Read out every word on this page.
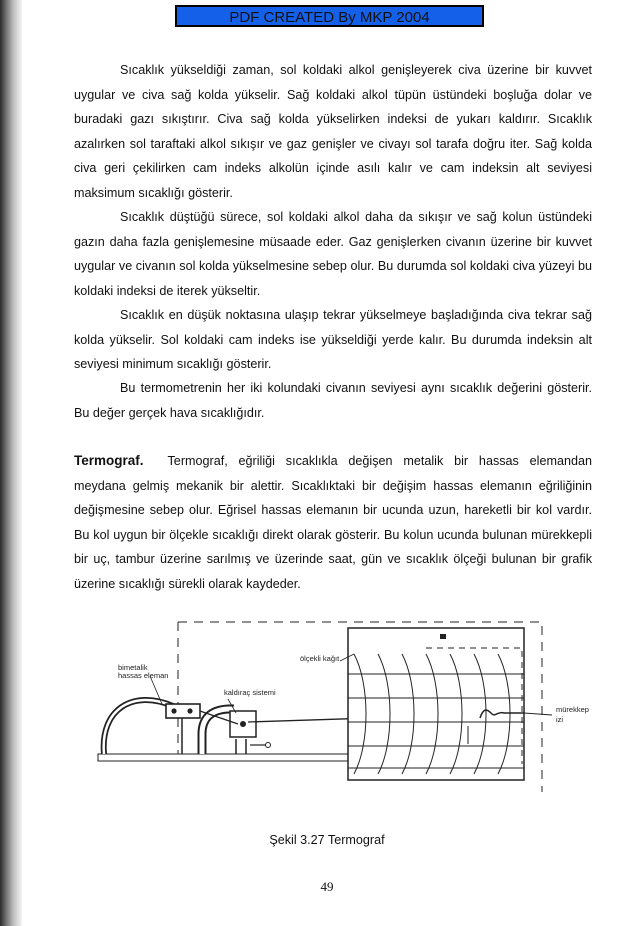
PDF CREATED By MKP 2004

Sıcaklık yükseldiği zaman, sol koldaki alkol genişleyerek civa üzerine bir kuvvet uygular ve civa sağ kolda yükselir. Sağ koldaki alkol tüpün üstündeki boşluğa dolar ve buradaki gazı sıkıştırır. Civa sağ kolda yükselirken indeksi de yukarı kaldırır. Sıcaklık azalırken sol taraftaki alkol sıkışır ve gaz genişler ve civayı sol tarafa doğru iter. Sağ kolda civa geri çekilirken cam indeks alkolün içinde asılı kalır ve cam indeksin alt seviyesi maksimum sıcaklığı gösterir.

Sıcaklık düştüğü sürece, sol koldaki alkol daha da sıkışır ve sağ kolun üstündeki gazın daha fazla genişlemesine müsaade eder. Gaz genişlerken civanın üzerine bir kuvvet uygular ve civanın sol kolda yükselmesine sebep olur. Bu durumda sol koldaki civa yüzeyi bu koldaki indeksi de iterek yükseltir.

Sıcaklık en düşük noktasına ulaşıp tekrar yükselmeye başladığında civa tekrar sağ kolda yükselir. Sol koldaki cam indeks ise yükseldiği yerde kalır. Bu durumda indeksin alt seviyesi minimum sıcaklığı gösterir.

Bu termometrenin her iki kolundaki civanın seviyesi aynı sıcaklık değerini gösterir. Bu değer gerçek hava sıcaklığıdır.

Termograf. Termograf, eğriliği sıcaklıkla değişen metalik bir hassas elemandan meydana gelmiş mekanik bir alettir. Sıcaklıktaki bir değişim hassas elemanın eğriliğinin değişmesine sebep olur. Eğrisel hassas elemanın bir ucunda uzun, hareketli bir kol vardır. Bu kol uygun bir ölçekle sıcaklığı direkt olarak gösterir. Bu kolun ucunda bulunan mürekkepli bir uç, tambur üzerine sarılmış ve üzerinde saat, gün ve sıcaklık ölçeği bulunan bir grafik üzerine sıcaklığı sürekli olarak kaydeder.

ölçekli kağıt
bimetalik
hassas eleman
kaldıraç sistemi
mürekkep
izi
Şekil 3.27 Termograf
49
